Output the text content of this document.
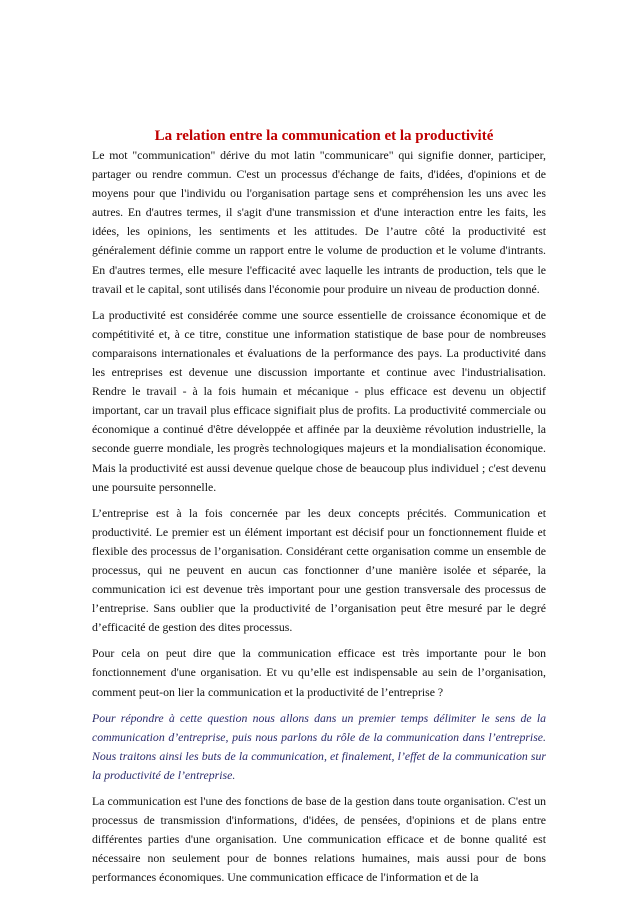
La relation entre la communication et la productivité

Le mot "communication" dérive du mot latin "communicare" qui signifie donner, participer, partager ou rendre commun. C'est un processus d'échange de faits, d'idées, d'opinions et de moyens pour que l'individu ou l'organisation partage sens et compréhension les uns avec les autres. En d'autres termes, il s'agit d'une transmission et d'une interaction entre les faits, les idées, les opinions, les sentiments et les attitudes. De l’autre côté la productivité est généralement définie comme un rapport entre le volume de production et le volume d'intrants. En d'autres termes, elle mesure l'efficacité avec laquelle les intrants de production, tels que le travail et le capital, sont utilisés dans l'économie pour produire un niveau de production donné.

La productivité est considérée comme une source essentielle de croissance économique et de compétitivité et, à ce titre, constitue une information statistique de base pour de nombreuses comparaisons internationales et évaluations de la performance des pays. La productivité dans les entreprises est devenue une discussion importante et continue avec l'industrialisation. Rendre le travail - à la fois humain et mécanique - plus efficace est devenu un objectif important, car un travail plus efficace signifiait plus de profits. La productivité commerciale ou économique a continué d'être développée et affinée par la deuxième révolution industrielle, la seconde guerre mondiale, les progrès technologiques majeurs et la mondialisation économique. Mais la productivité est aussi devenue quelque chose de beaucoup plus individuel ; c'est devenu une poursuite personnelle.

L’entreprise est à la fois concernée par les deux concepts précités. Communication et productivité. Le premier est un élément important est décisif pour un fonctionnement fluide et flexible des processus de l’organisation. Considérant cette organisation comme un ensemble de processus, qui ne peuvent en aucun cas fonctionner d’une manière isolée et séparée, la communication ici est devenue très important pour une gestion transversale des processus de l’entreprise. Sans oublier que la productivité de l’organisation peut être mesuré par le degré d’efficacité de gestion des dites processus.

Pour cela on peut dire que la communication efficace est très importante pour le bon fonctionnement d'une organisation. Et vu qu’elle est indispensable au sein de l’organisation, comment peut-on lier la communication et la productivité de l’entreprise ?

Pour répondre à cette question nous allons dans un premier temps délimiter le sens de la communication d’entreprise, puis nous parlons du rôle de la communication dans l’entreprise. Nous traitons ainsi les buts de la communication, et finalement, l’effet de la communication sur la productivité de l’entreprise.

La communication est l'une des fonctions de base de la gestion dans toute organisation. C'est un processus de transmission d'informations, d'idées, de pensées, d'opinions et de plans entre différentes parties d'une organisation. Une communication efficace et de bonne qualité est nécessaire non seulement pour de bonnes relations humaines, mais aussi pour de bons performances économiques. Une communication efficace de l'information et de la
